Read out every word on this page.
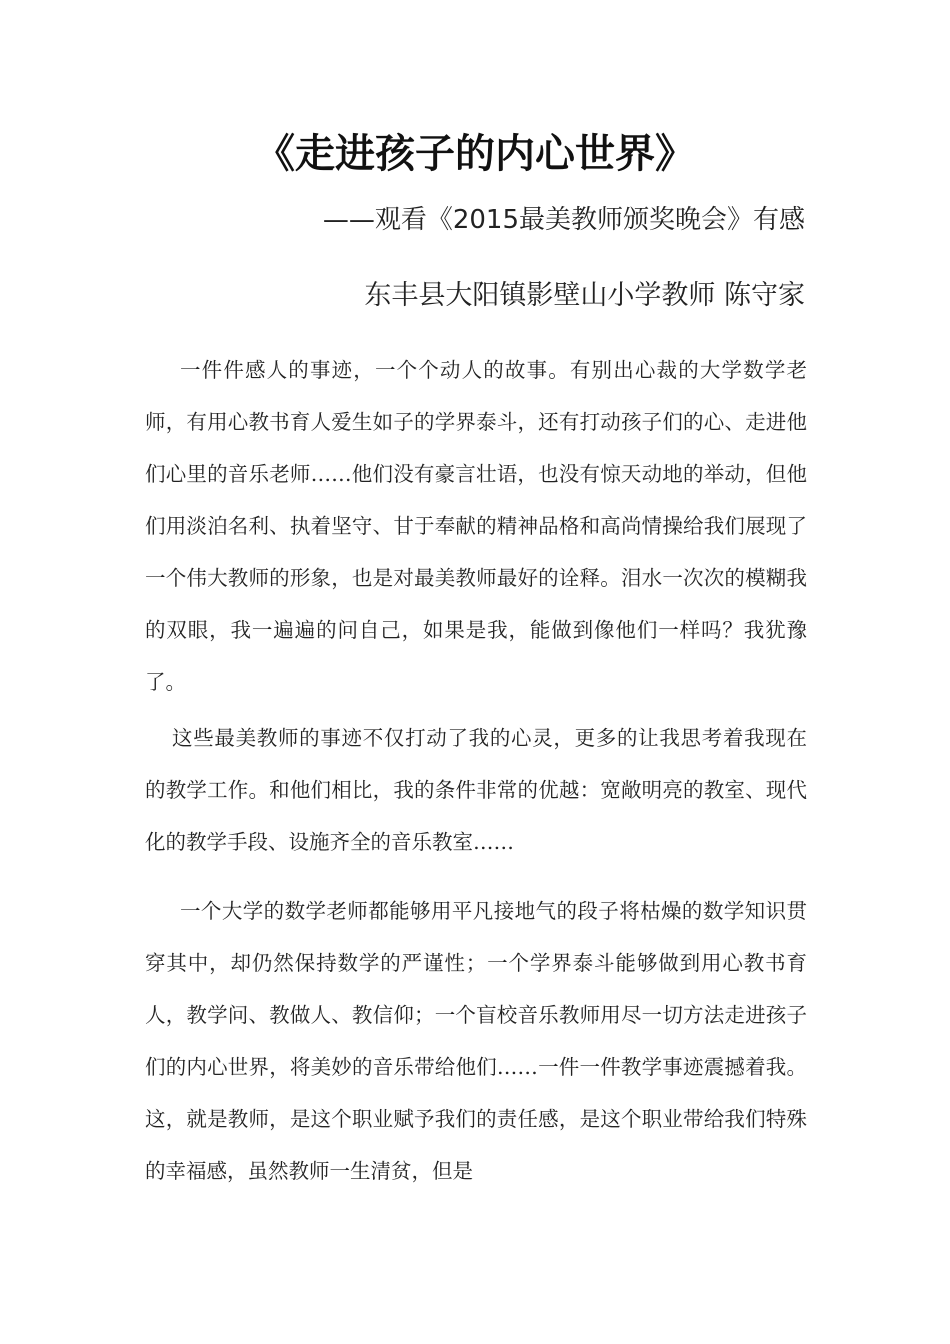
《走进孩子的内心世界》

——观看《2015最美教师颁奖晚会》有感

东丰县大阳镇影壁山小学教师 陈守家

一件件感人的事迹，一个个动人的故事。有别出心裁的大学数学老师，有用心教书育人爱生如子的学界泰斗，还有打动孩子们的心、走进他们心里的音乐老师……他们没有豪言壮语，也没有惊天动地的举动，但他们用淡泊名利、执着坚守、甘于奉献的精神品格和高尚情操给我们展现了一个伟大教师的形象，也是对最美教师最好的诠释。泪水一次次的模糊我的双眼，我一遍遍的问自己，如果是我，能做到像他们一样吗？我犹豫了。

这些最美教师的事迹不仅打动了我的心灵，更多的让我思考着我现在的教学工作。和他们相比，我的条件非常的优越：宽敞明亮的教室、现代化的教学手段、设施齐全的音乐教室……

一个大学的数学老师都能够用平凡接地气的段子将枯燥的数学知识贯穿其中，却仍然保持数学的严谨性；一个学界泰斗能够做到用心教书育人，教学问、教做人、教信仰；一个盲校音乐教师用尽一切方法走进孩子们的内心世界，将美妙的音乐带给他们……一件一件教学事迹震撼着我。这，就是教师，是这个职业赋予我们的责任感，是这个职业带给我们特殊的幸福感，虽然教师一生清贫，但是
